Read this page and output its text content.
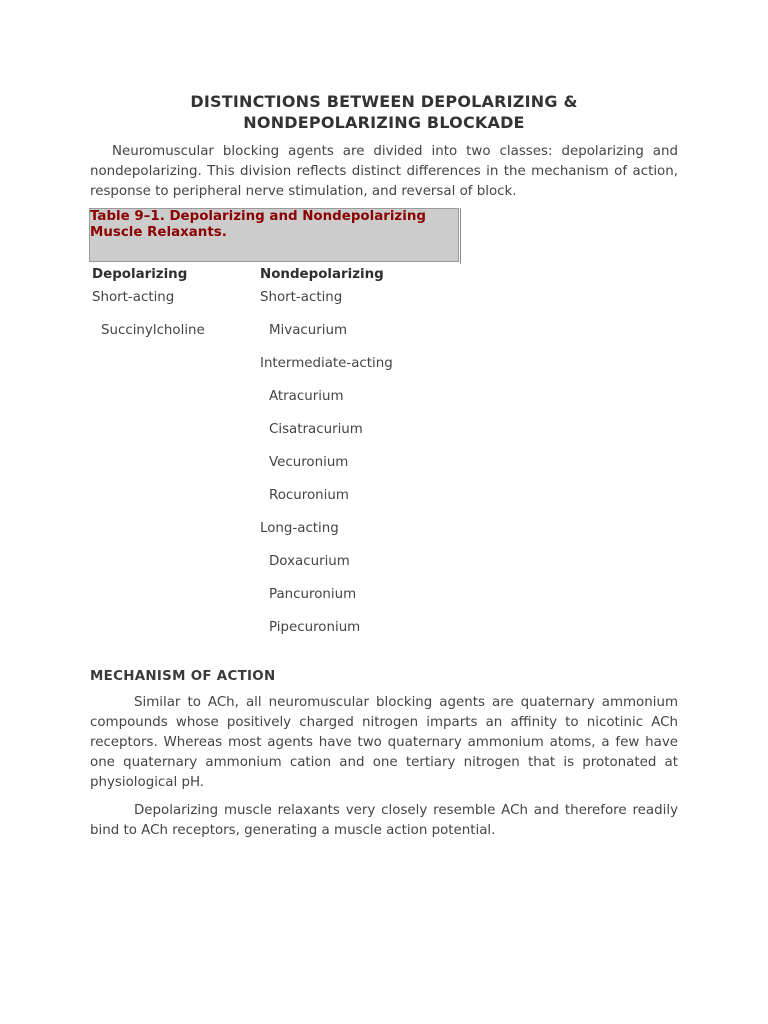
DISTINCTIONS BETWEEN DEPOLARIZING &
NONDEPOLARIZING BLOCKADE
Neuromuscular blocking agents are divided into two classes: depolarizing and nondepolarizing. This division reflects distinct differences in the mechanism of action, response to peripheral nerve stimulation, and reversal of block.
Table 9–1. Depolarizing and Nondepolarizing
Muscle Relaxants.
Depolarizing	Nondepolarizing
Short-acting
Succinylcholine
Short-acting
Mivacurium
Intermediate-acting
Atracurium
Cisatracurium
Vecuronium
Rocuronium
Long-acting
Doxacurium
Pancuronium
Pipecuronium
MECHANISM OF ACTION
Similar to ACh, all neuromuscular blocking agents are quaternary ammonium compounds whose positively charged nitrogen imparts an affinity to nicotinic ACh receptors. Whereas most agents have two quaternary ammonium atoms, a few have one quaternary ammonium cation and one tertiary nitrogen that is protonated at physiological pH.
Depolarizing muscle relaxants very closely resemble ACh and therefore readily bind to ACh receptors, generating a muscle action potential.
